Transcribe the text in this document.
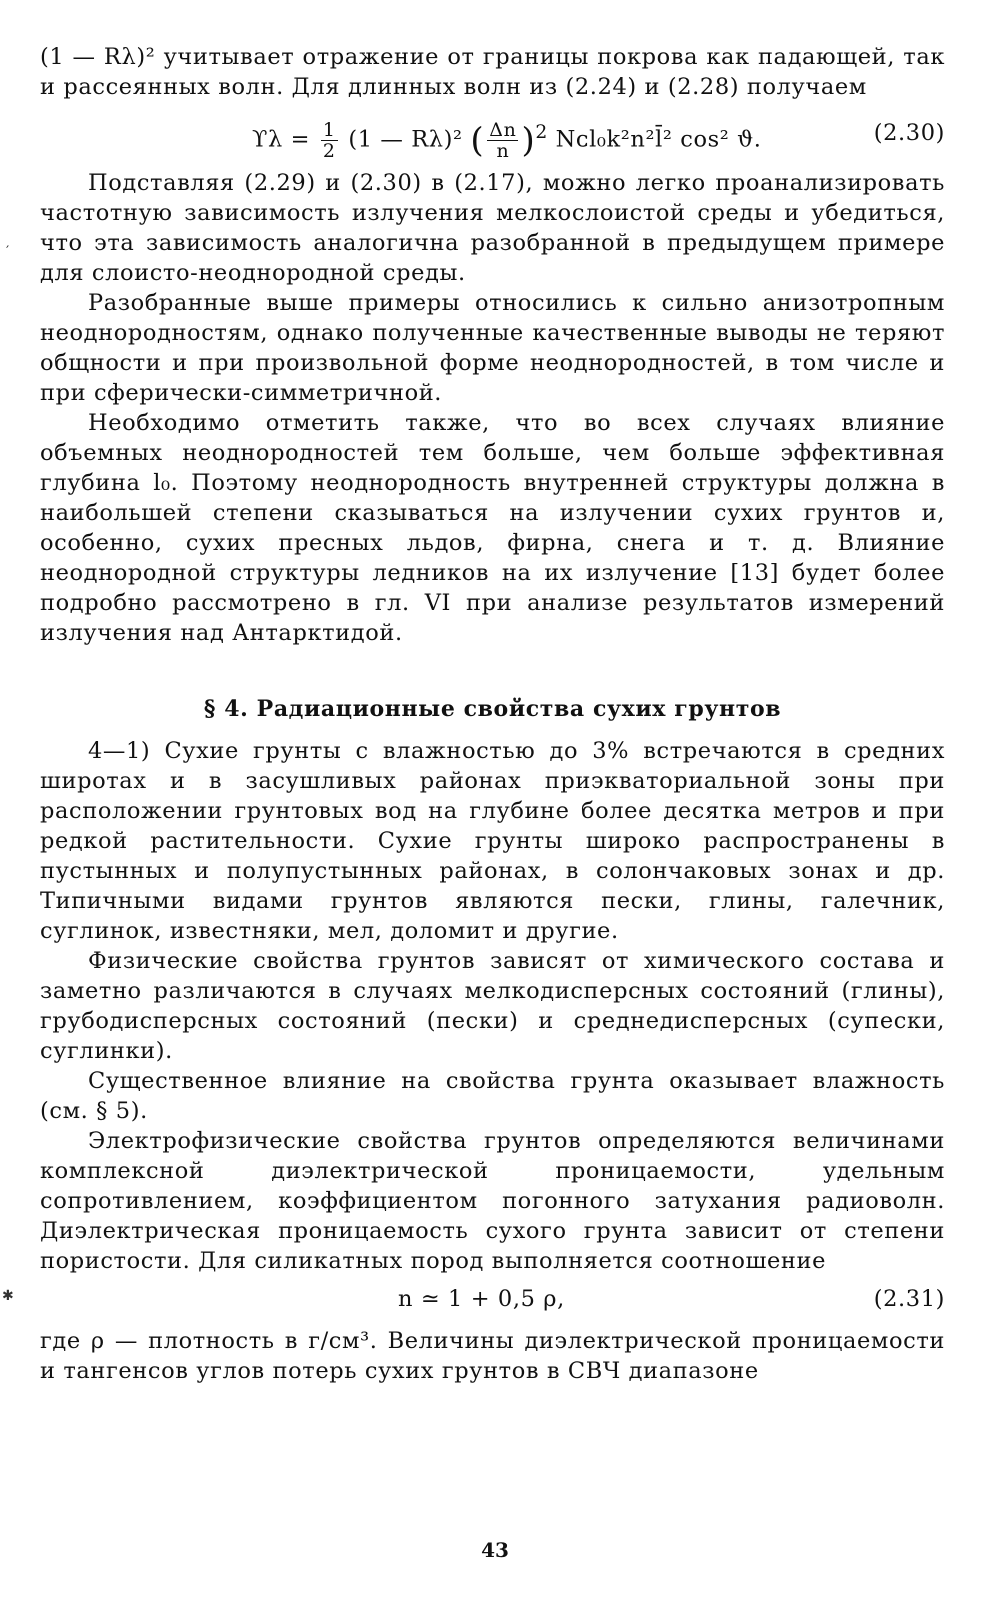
(1 — Rλ)² учитывает отражение от границы покрова как падающей, так и рассеянных волн. Для длинных волн из (2.24) и (2.28) получаем

$ϒ\lambda = \frac{1}{2} (1$ — Rλ)² ( $\frac{\Delta n}{n} )^2$ Nᴄl₀k²n²l̄² cos² ϑ.	(2.30)

Подставляя (2.29) и (2.30) в (2.17), можно легко проанализировать частотную зависимость излучения мелкослоистой среды и убедиться, что эта зависимость аналогична разобранной в предыдущем примере для слоисто-неоднородной среды.

Разобранные выше примеры относились к сильно анизотропным неоднородностям, однако полученные качественные выводы не теряют общности и при произвольной форме неоднородностей, в том числе и при сферически-симметричной.

Необходимо отметить также, что во всех случаях влияние объемных неоднородностей тем больше, чем больше эффективная глубина l₀. Поэтому неоднородность внутренней структуры должна в наибольшей степени сказываться на излучении сухих грунтов и, особенно, сухих пресных льдов, фирна, снега и т. д. Влияние неоднородной структуры ледников на их излучение [13] будет более подробно рассмотрено в гл. VI при анализе результатов измерений излучения над Антарктидой.

§ 4. Радиационные свойства сухих грунтов

4—1) Сухие грунты с влажностью до 3% встречаются в средних широтах и в засушливых районах приэкваториальной зоны при расположении грунтовых вод на глубине более десятка метров и при редкой растительности. Сухие грунты широко распространены в пустынных и полупустынных районах, в солончаковых зонах и др. Типичными видами грунтов являются пески, глины, галечник, суглинок, известняки, мел, доломит и другие.

Физические свойства грунтов зависят от химического состава и заметно различаются в случаях мелкодисперсных состояний (глины), грубодисперсных состояний (пески) и среднедисперсных (супески, суглинки).

Существенное влияние на свойства грунта оказывает влажность (см. § 5).

Электрофизические свойства грунтов определяются величинами комплексной диэлектрической проницаемости, удельным сопротивлением, коэффициентом погонного затухания радиоволн. Диэлектрическая проницаемость сухого грунта зависит от степени пористости. Для силикатных пород выполняется соотношение

n ≃ 1 + 0,5 ρ,	(2.31)

где ρ — плотность в г/см³. Величины диэлектрической проницаемости и тангенсов углов потерь сухих грунтов в СВЧ диапазоне

′
✱
43
